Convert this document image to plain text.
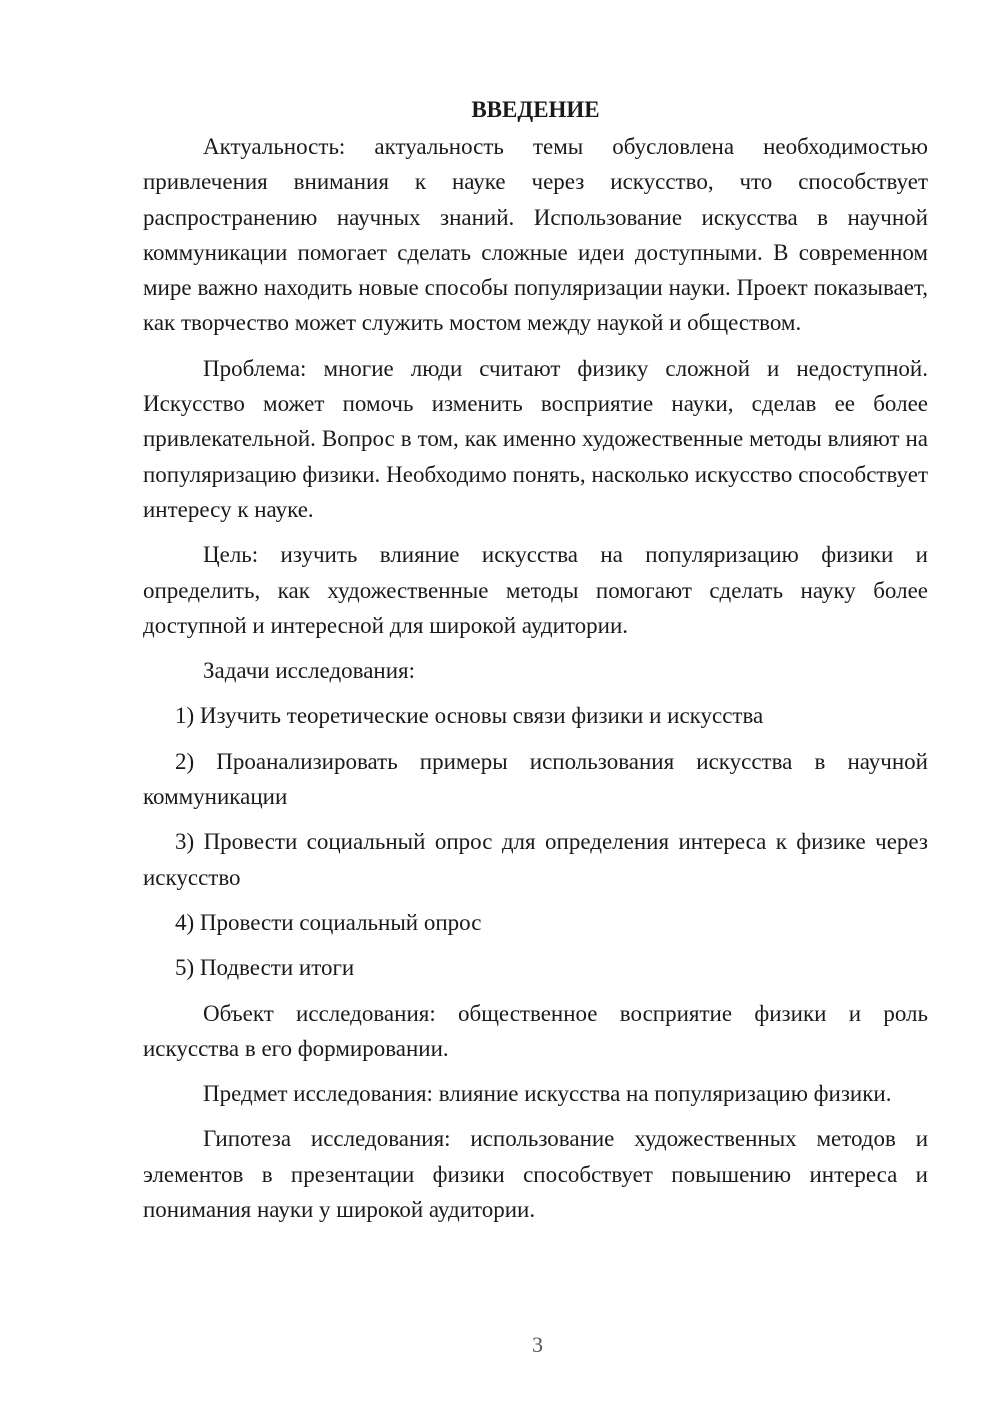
ВВЕДЕНИЕ

Актуальность: актуальность темы обусловлена необходимостью привлечения внимания к науке через искусство, что способствует распространению научных знаний. Использование искусства в научной коммуникации помогает сделать сложные идеи доступными. В современном мире важно находить новые способы популяризации науки. Проект показывает, как творчество может служить мостом между наукой и обществом.

Проблема: многие люди считают физику сложной и недоступной. Искусство может помочь изменить восприятие науки, сделав ее более привлекательной. Вопрос в том, как именно художественные методы влияют на популяризацию физики. Необходимо понять, насколько искусство способствует интересу к науке.

Цель: изучить влияние искусства на популяризацию физики и определить, как художественные методы помогают сделать науку более доступной и интересной для широкой аудитории.

Задачи исследования:

1) Изучить теоретические основы связи физики и искусства

2) Проанализировать примеры использования искусства в научной коммуникации

3) Провести социальный опрос для определения интереса к физике через искусство

4) Провести социальный опрос

5) Подвести итоги

Объект исследования: общественное восприятие физики и роль искусства в его формировании.

Предмет исследования: влияние искусства на популяризацию физики.

Гипотеза исследования: использование художественных методов и элементов в презентации физики способствует повышению интереса и понимания науки у широкой аудитории.

3
